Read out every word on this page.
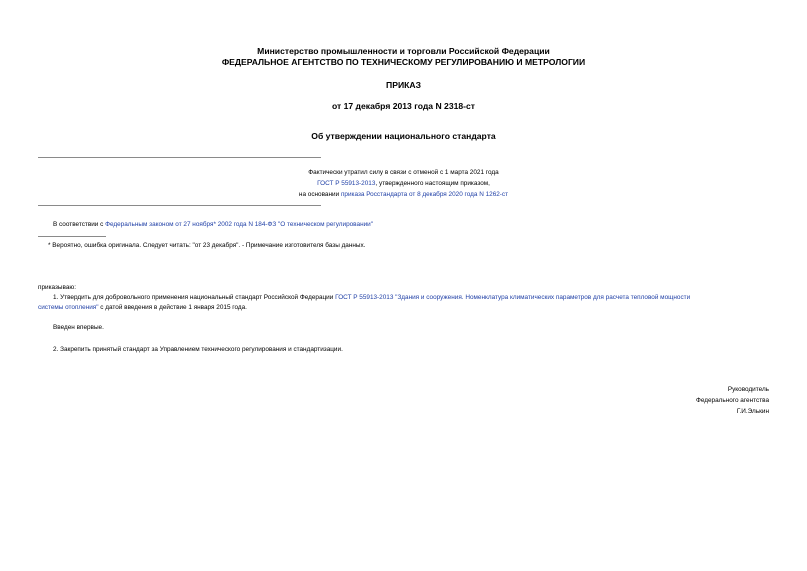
Министерство промышленности и торговли Российской Федерации
ФЕДЕРАЛЬНОЕ АГЕНТСТВО ПО ТЕХНИЧЕСКОМУ РЕГУЛИРОВАНИЮ И МЕТРОЛОГИИ
ПРИКАЗ
от 17 декабря 2013 года N 2318-ст
Об утверждении национального стандарта
Фактически утратил силу в связи с отменой с 1 марта 2021 года
ГОСТ Р 55913-2013, утвержденного настоящим приказом,
на основании приказа Росстандарта от 8 декабря 2020 года N 1262-ст
В соответствии с Федеральным законом от 27 ноября* 2002 года N 184-ФЗ "О техническом регулировании"
* Вероятно, ошибка оригинала. Следует читать: "от 23 декабря". - Примечание изготовителя базы данных.
приказываю:
1. Утвердить для добровольного применения национальный стандарт Российской Федерации ГОСТ Р 55913-2013 "Здания и сооружения. Номенклатура климатических параметров для расчета тепловой мощности
системы отопления" с датой введения в действие 1 января 2015 года.
Введен впервые.
2. Закрепить принятый стандарт за Управлением технического регулирования и стандартизации.
Руководитель
Федерального агентства
Г.И.Элькин
